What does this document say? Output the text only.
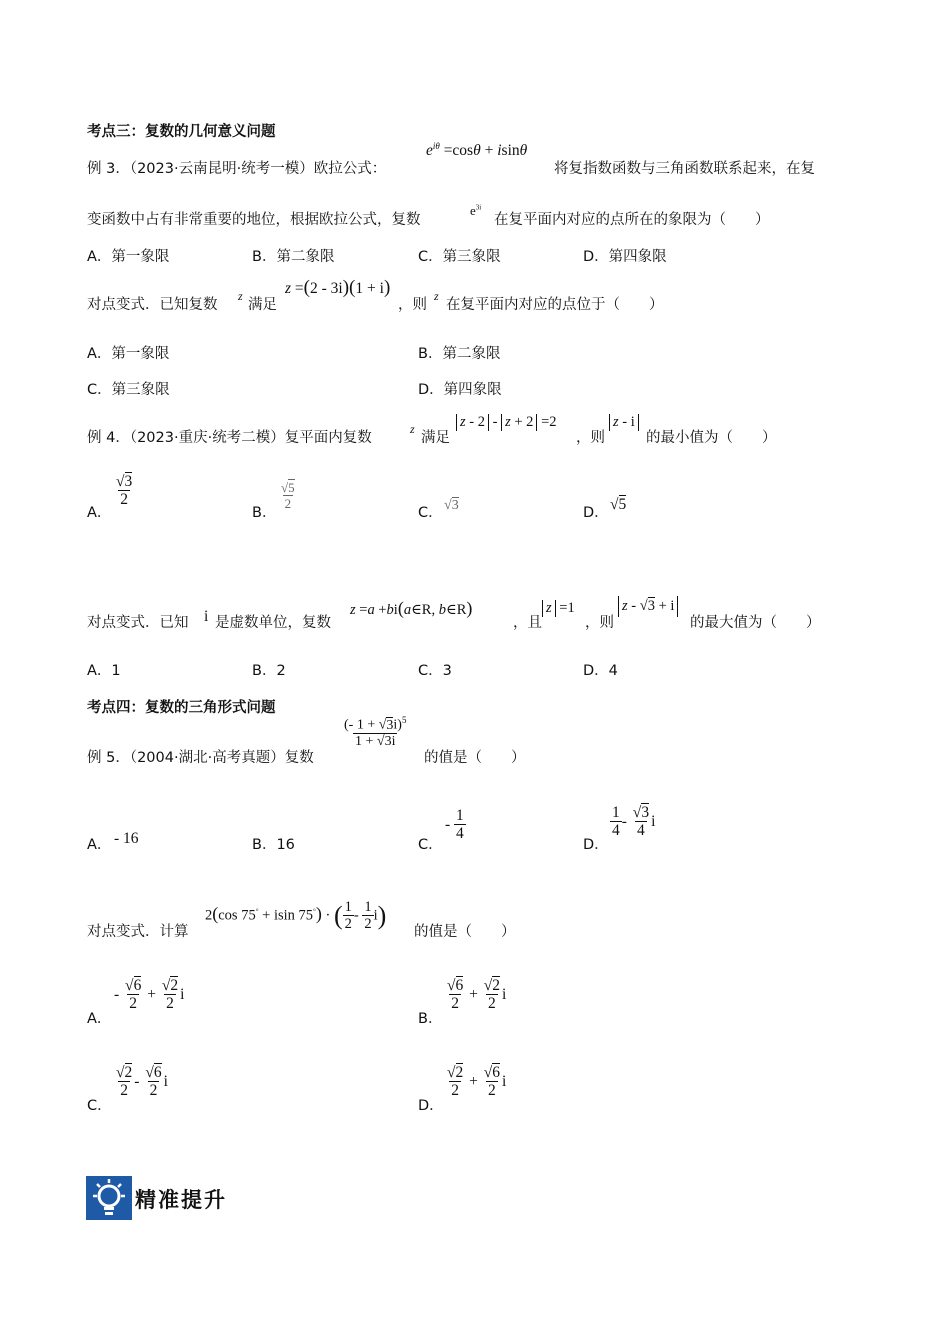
考点三：复数的几何意义问题
例 3．（2023·云南昆明·统考一模）欧拉公式：
$e^{i\theta} =\cos\theta + isin\theta$
将复指数函数与三角函数联系起来，在复
变函数中占有非常重要的地位，根据欧拉公式，复数
$e^{3i}$
在复平面内对应的点所在的象限为（　　）
A．第一象限	B．第二象限	C．第三象限	D．第四象限
对点变式．已知复数
z
满足
z =(2 - 3i)(1 + i)
，则
z
在复平面内对应的点位于（　　）
A．第一象限	B．第二象限
C．第三象限	D．第四象限
例 4．（2023·重庆·统考二模）复平面内复数
z
满足
z - 2 - z + 2 =2
，则
z - i
的最小值为（　　）
A．
$\frac{√3}{2}$
B．
$\frac{√5}{2}$
C． √3	D． √5
对点变式．已知 i 是虚数单位，复数
z =a +bi(a∈R, b∈R)
，且
z =1
，则
z - √3 + i
的最大值为（　　）
A．1	B．2	C．3	D．4
考点四：复数的三角形式问题
例 5．（2004·湖北·高考真题）复数
$\frac{(- 1 + √3i)^5}{1 + √3i}$
的值是（　　）
A． - 16	B．16	C．
- $\frac{1}{4}$
D．
$\frac{1}{4} - \frac{√3}{4}$ i
对点变式．计算
2(cos 75° + isin 75°) · ( $\frac{1}{2} - \frac{1}{2} i$)
的值是（　　）
A．
- $\frac{√6}{2} + \frac{√2}{2}$ i
B．
$\frac{√6}{2} + \frac{√2}{2}$ i
C．
$\frac{√2}{2} - \frac{√6}{2}$ i
D．
$\frac{√2}{2} + \frac{√6}{2}$ i
精准提升
